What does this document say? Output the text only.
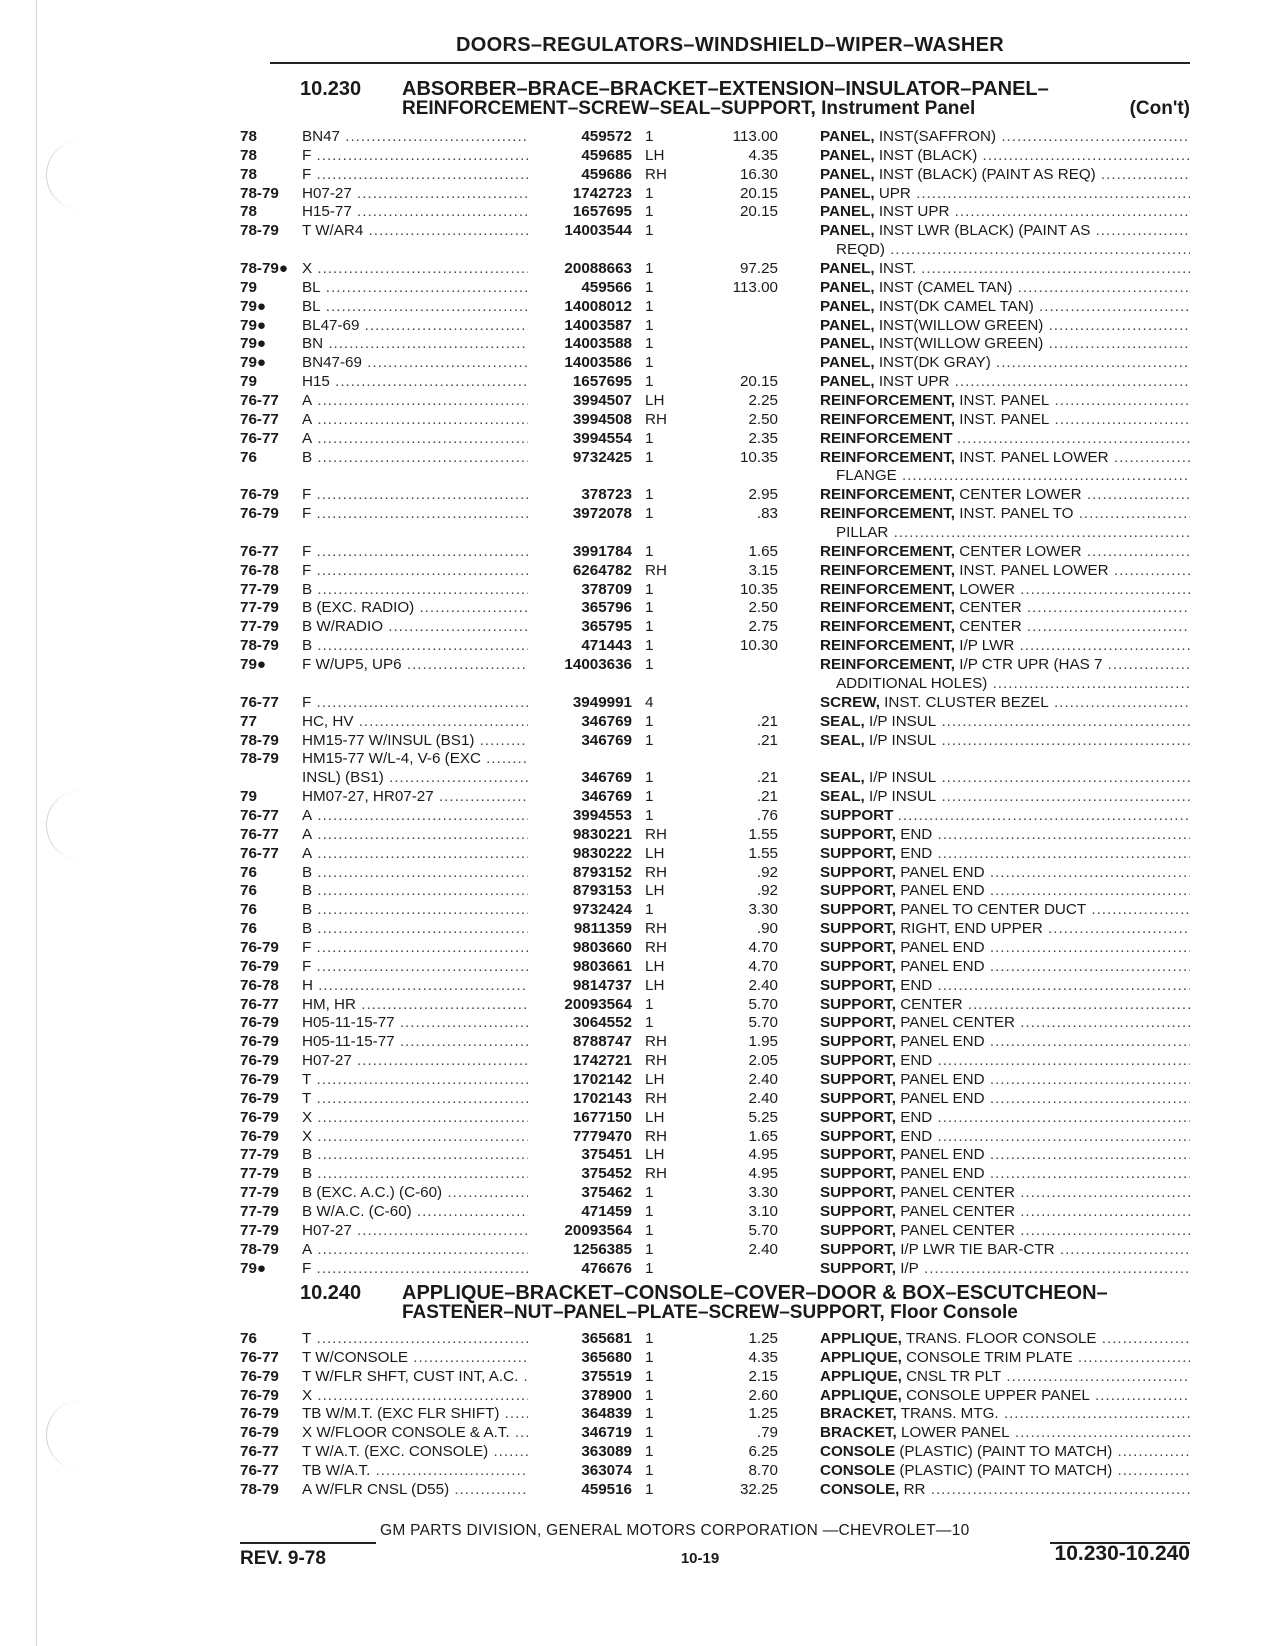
DOORS–REGULATORS–WINDSHIELD–WIPER–WASHER
10.230 ABSORBER–BRACE–BRACKET–EXTENSION–INSULATOR–PANEL–
REINFORCEMENT–SCREW–SEAL–SUPPORT, Instrument Panel	(Con't)
78	BN47 .....	459572 1	113.00	PANEL, INST(SAFFRON) .....
78	F .....	459685 LH	4.35	PANEL, INST (BLACK) .....
78	F .....	459686 RH	16.30	PANEL, INST (BLACK) (PAINT AS REQ) .....
78-79	H07-27 .....	1742723 1	20.15	PANEL, UPR .....
78	H15-77 .....	1657695 1	20.15	PANEL, INST UPR .....
78-79	T W/AR4 .....	14003544 1	PANEL, INST LWR (BLACK) (PAINT AS .....
REQD) .....
78-79● X .....	20088663 1	97.25	PANEL, INST. .....
79	BL .....	459566 1	113.00	PANEL, INST (CAMEL TAN) .....
79●	BL .....	14008012 1	PANEL, INST(DK CAMEL TAN) .....
79●	BL47-69 .....	14003587 1	PANEL, INST(WILLOW GREEN) .....
79●	BN .....	14003588 1	PANEL, INST(WILLOW GREEN) .....
79●	BN47-69 .....	14003586 1	PANEL, INST(DK GRAY) .....
79	H15 .....	1657695 1	20.15	PANEL, INST UPR .....
76-77	A .....	3994507 LH	2.25	REINFORCEMENT, INST. PANEL .....
76-77	A .....	3994508 RH	2.50	REINFORCEMENT, INST. PANEL .....
76-77	A .....	3994554 1	2.35	REINFORCEMENT .....
76	B .....	9732425 1	10.35	REINFORCEMENT, INST. PANEL LOWER .....
FLANGE .....
76-79	F .....	378723 1	2.95	REINFORCEMENT, CENTER LOWER .....
76-79	F .....	3972078 1	.83	REINFORCEMENT, INST. PANEL TO .....
PILLAR .....
76-77	F .....	3991784 1	1.65	REINFORCEMENT, CENTER LOWER .....
76-78	F .....	6264782 RH	3.15	REINFORCEMENT, INST. PANEL LOWER .....
77-79	B .....	378709 1	10.35	REINFORCEMENT, LOWER .....
77-79	B (EXC. RADIO) .....	365796 1	2.50	REINFORCEMENT, CENTER .....
77-79	B W/RADIO .....	365795 1	2.75	REINFORCEMENT, CENTER .....
78-79	B .....	471443 1	10.30	REINFORCEMENT, I/P LWR .....
79●	F W/UP5, UP6 .....	14003636 1	REINFORCEMENT, I/P CTR UPR (HAS 7 .....
ADDITIONAL HOLES) .....
76-77	F .....	3949991 4	SCREW, INST. CLUSTER BEZEL .....
77	HC, HV .....	346769 1	.21	SEAL, I/P INSUL .....
78-79	HM15-77 W/INSUL (BS1) .....	346769 1	.21	SEAL, I/P INSUL .....
78-79	HM15-77 W/L-4, V-6 (EXC .....
INSL) (BS1) .....	346769 1	.21	SEAL, I/P INSUL .....
79	HM07-27, HR07-27 .....	346769 1	.21	SEAL, I/P INSUL .....
76-77	A .....	3994553 1	.76	SUPPORT .....
76-77	A .....	9830221 RH	1.55	SUPPORT, END .....
76-77	A .....	9830222 LH	1.55	SUPPORT, END .....
76	B .....	8793152 RH	.92	SUPPORT, PANEL END .....
76	B .....	8793153 LH	.92	SUPPORT, PANEL END .....
76	B .....	9732424 1	3.30	SUPPORT, PANEL TO CENTER DUCT .....
76	B .....	9811359 RH	.90	SUPPORT, RIGHT, END UPPER .....
76-79	F .....	9803660 RH	4.70	SUPPORT, PANEL END .....
76-79	F .....	9803661 LH	4.70	SUPPORT, PANEL END .....
76-78	H .....	9814737 LH	2.40	SUPPORT, END .....
76-77	HM, HR .....	20093564 1	5.70	SUPPORT, CENTER .....
76-79	H05-11-15-77 .....	3064552 1	5.70	SUPPORT, PANEL CENTER .....
76-79	H05-11-15-77 .....	8788747 RH	1.95	SUPPORT, PANEL END .....
76-79	H07-27 .....	1742721 RH	2.05	SUPPORT, END .....
76-79	T .....	1702142 LH	2.40	SUPPORT, PANEL END .....
76-79	T .....	1702143 RH	2.40	SUPPORT, PANEL END .....
76-79	X .....	1677150 LH	5.25	SUPPORT, END .....
76-79	X .....	7779470 RH	1.65	SUPPORT, END .....
77-79	B .....	375451 LH	4.95	SUPPORT, PANEL END .....
77-79	B .....	375452 RH	4.95	SUPPORT, PANEL END .....
77-79	B (EXC. A.C.) (C-60) .....	375462 1	3.30	SUPPORT, PANEL CENTER .....
77-79	B W/A.C. (C-60) .....	471459 1	3.10	SUPPORT, PANEL CENTER .....
77-79	H07-27 .....	20093564 1	5.70	SUPPORT, PANEL CENTER .....
78-79	A .....	1256385 1	2.40	SUPPORT, I/P LWR TIE BAR-CTR .....
79●	F .....	476676 1	SUPPORT, I/P .....
10.240 APPLIQUE–BRACKET–CONSOLE–COVER–DOOR & BOX–ESCUTCHEON–
FASTENER–NUT–PANEL–PLATE–SCREW–SUPPORT, Floor Console
76	T .....	365681 1	1.25	APPLIQUE, TRANS. FLOOR CONSOLE .....
76-77	T W/CONSOLE .....	365680 1	4.35	APPLIQUE, CONSOLE TRIM PLATE .....
76-79	T W/FLR SHFT, CUST INT, A.C. .....	375519 1	2.15	APPLIQUE, CNSL TR PLT .....
76-79	X .....	378900 1	2.60	APPLIQUE, CONSOLE UPPER PANEL .....
76-79	TB W/M.T. (EXC FLR SHIFT) .....	364839 1	1.25	BRACKET, TRANS. MTG. .....
76-79	X W/FLOOR CONSOLE & A.T. .....	346719 1	.79	BRACKET, LOWER PANEL .....
76-77	T W/A.T. (EXC. CONSOLE) .....	363089 1	6.25	CONSOLE (PLASTIC) (PAINT TO MATCH) .....
76-77	TB W/A.T. .....	363074 1	8.70	CONSOLE (PLASTIC) (PAINT TO MATCH) .....
78-79	A W/FLR CNSL (D55) .....	459516 1	32.25	CONSOLE, RR .....
GM PARTS DIVISION, GENERAL MOTORS CORPORATION —CHEVROLET—10
REV. 9-78	10-19	10.230-10.240
